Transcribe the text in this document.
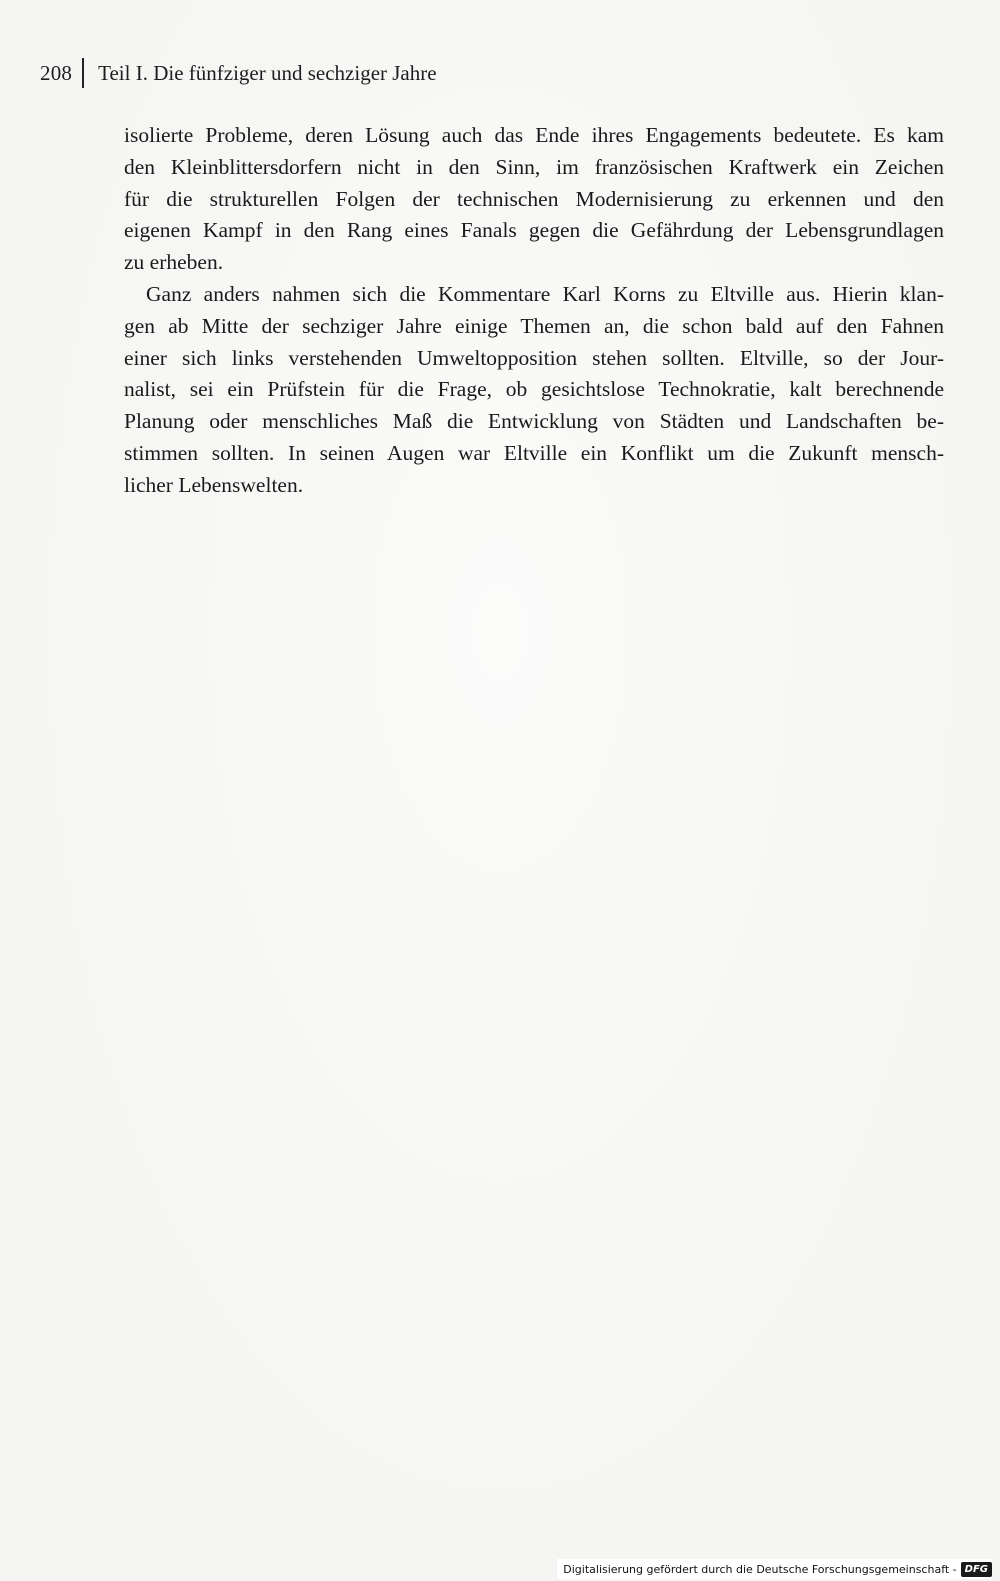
208 Teil I. Die fünfziger und sechziger Jahre

isolierte Probleme, deren Lösung auch das Ende ihres Engagements bedeutete. Es kam
den Kleinblittersdorfern nicht in den Sinn, im französischen Kraftwerk ein Zeichen
für die strukturellen Folgen der technischen Modernisierung zu erkennen und den
eigenen Kampf in den Rang eines Fanals gegen die Gefährdung der Lebensgrundlagen
zu erheben.

Ganz anders nahmen sich die Kommentare Karl Korns zu Eltville aus. Hierin klan-
gen ab Mitte der sechziger Jahre einige Themen an, die schon bald auf den Fahnen
einer sich links verstehenden Umweltopposition stehen sollten. Eltville, so der Jour-
nalist, sei ein Prüfstein für die Frage, ob gesichtslose Technokratie, kalt berechnende
Planung oder menschliches Maß die Entwicklung von Städten und Landschaften be-
stimmen sollten. In seinen Augen war Eltville ein Konflikt um die Zukunft mensch-
licher Lebenswelten.

Digitalisierung gefördert durch die Deutsche Forschungsgemeinschaft - DFG
